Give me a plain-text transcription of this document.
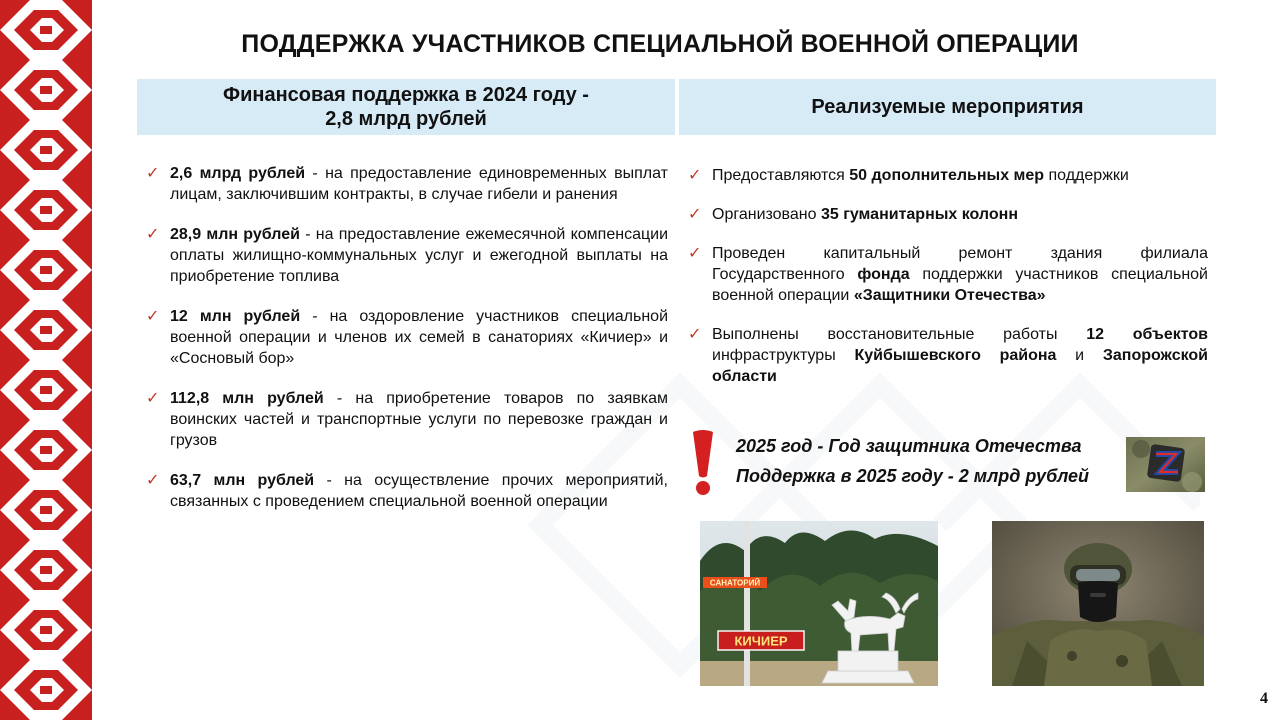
ПОДДЕРЖКА УЧАСТНИКОВ СПЕЦИАЛЬНОЙ ВОЕННОЙ ОПЕРАЦИИ
Финансовая поддержка в 2024 году -
2,8 млрд рублей
Реализуемые мероприятия
✓ 2,6 млрд рублей - на предоставление единовременных выплат лицам, заключившим контракты, в случае гибели и ранения
✓ 28,9 млн рублей - на предоставление ежемесячной компенсации оплаты жилищно-коммунальных услуг и ежегодной выплаты на приобретение топлива
✓ 12 млн рублей - на оздоровление участников специальной военной операции и членов их семей в санаториях «Кичиер» и «Сосновый бор»
✓ 112,8 млн рублей - на приобретение товаров по заявкам воинских частей и транспортные услуги по перевозке граждан и грузов
✓ 63,7 млн рублей - на осуществление прочих мероприятий, связанных с проведением специальной военной операции
✓ Предоставляются 50 дополнительных мер поддержки
✓ Организовано 35 гуманитарных колонн
✓ Проведен капитальный ремонт здания филиала Государственного фонда поддержки участников специальной военной операции «Защитники Отечества»
✓ Выполнены восстановительные работы 12 объектов инфраструктуры Куйбышевского района и Запорожской области
2025 год - Год защитника Отечества
Поддержка в 2025 году - 2 млрд рублей
САНАТОРИЙ
КИЧИЕР
4
